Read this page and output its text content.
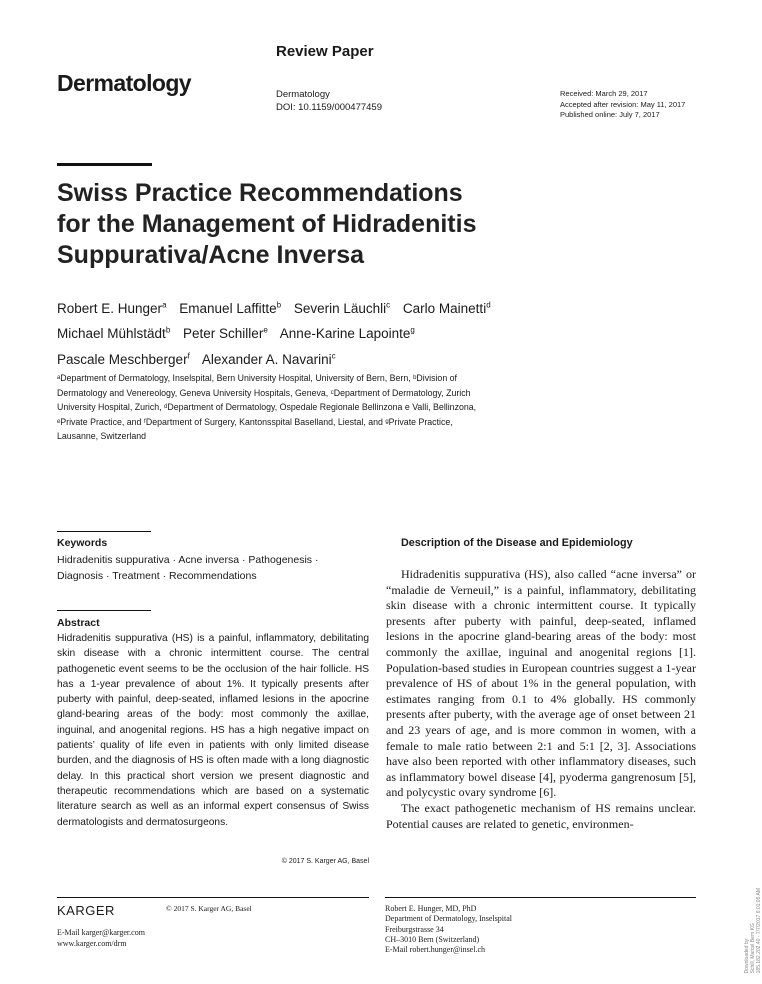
Review Paper
Dermatology	Dermatology
DOI: 10.1159/000477459
Received: March 29, 2017
Accepted after revision: May 11, 2017
Published online: July 7, 2017
Swiss Practice Recommendations
for the Management of Hidradenitis
Suppurativa/Acne Inversa
Robert E. Hunger$^a$ Emanuel Laffitte$^b$ Severin Läuchli$^c$ Carlo Mainetti$^d$
Michael Mühlstädt$^b$ Peter Schiller$^e$ Anne-Karine Lapointe$^g$
Pascale Meschberger$^f$ Alexander A. Navarini$^c$
ᵃDepartment of Dermatology, Inselspital, Bern University Hospital, University of Bern, Bern, ᵇDivision of
Dermatology and Venereology, Geneva University Hospitals, Geneva, ᶜDepartment of Dermatology, Zurich
University Hospital, Zurich, ᵈDepartment of Dermatology, Ospedale Regionale Bellinzona e Valli, Bellinzona,
ᵉPrivate Practice, and ᶠDepartment of Surgery, Kantonsspital Baselland, Liestal, and ᵍPrivate Practice,
Lausanne, Switzerland
Keywords
Hidradenitis suppurativa · Acne inversa · Pathogenesis ·
Diagnosis · Treatment · Recommendations
Abstract
Hidradenitis suppurativa (HS) is a painful, inflammatory, debilitating skin disease with a chronic intermittent course. The central pathogenetic event seems to be the occlusion of the hair follicle. HS has a 1-year prevalence of about 1%. It typically presents after puberty with painful, deep-seated, inflamed lesions in the apocrine gland-bearing areas of the body: most commonly the axillae, inguinal, and anogenital regions. HS has a high negative impact on patients’ quality of life even in patients with only limited disease burden, and the diagnosis of HS is often made with a long diagnostic delay. In this practical short version we present diagnostic and therapeutic recommendations which are based on a systematic literature search as well as an informal expert consensus of Swiss dermatologists and dermatosurgeons.
© 2017 S. Karger AG, Basel
Description of the Disease and Epidemiology

Hidradenitis suppurativa (HS), also called “acne inversa” or “maladie de Verneuil,” is a painful, inflammatory, debilitating skin disease with a chronic intermittent course. It typically presents after puberty with painful, deep-seated, inflamed lesions in the apocrine gland-bearing areas of the body: most commonly the axillae, inguinal and anogenital regions [1]. Population-based studies in European countries suggest a 1-year prevalence of HS of about 1% in the general population, with estimates ranging from 0.1 to 4% globally. HS commonly presents after puberty, with the average age of onset between 21 and 23 years of age, and is more common in women, with a female to male ratio between 2:1 and 5:1 [2, 3]. Associations have also been reported with other inflammatory diseases, such as inflammatory bowel disease [4], pyoderma gangrenosum [5], and polycystic ovary syndrome [6].

The exact pathogenetic mechanism of HS remains unclear. Potential causes are related to genetic, environmen-

KARGER	© 2017 S. Karger AG, Basel
E-Mail karger@karger.com
www.karger.com/drm
Robert E. Hunger, MD, PhD
Department of Dermatology, Inselspital
Freiburgstrasse 34
CH–3010 Bern (Switzerland)
E-Mail robert.hunger@insel.ch	Downloaded by: Schill, Marcel Bern KG 185.182.202.40 - 7/7/2017 6:01:05 AM
